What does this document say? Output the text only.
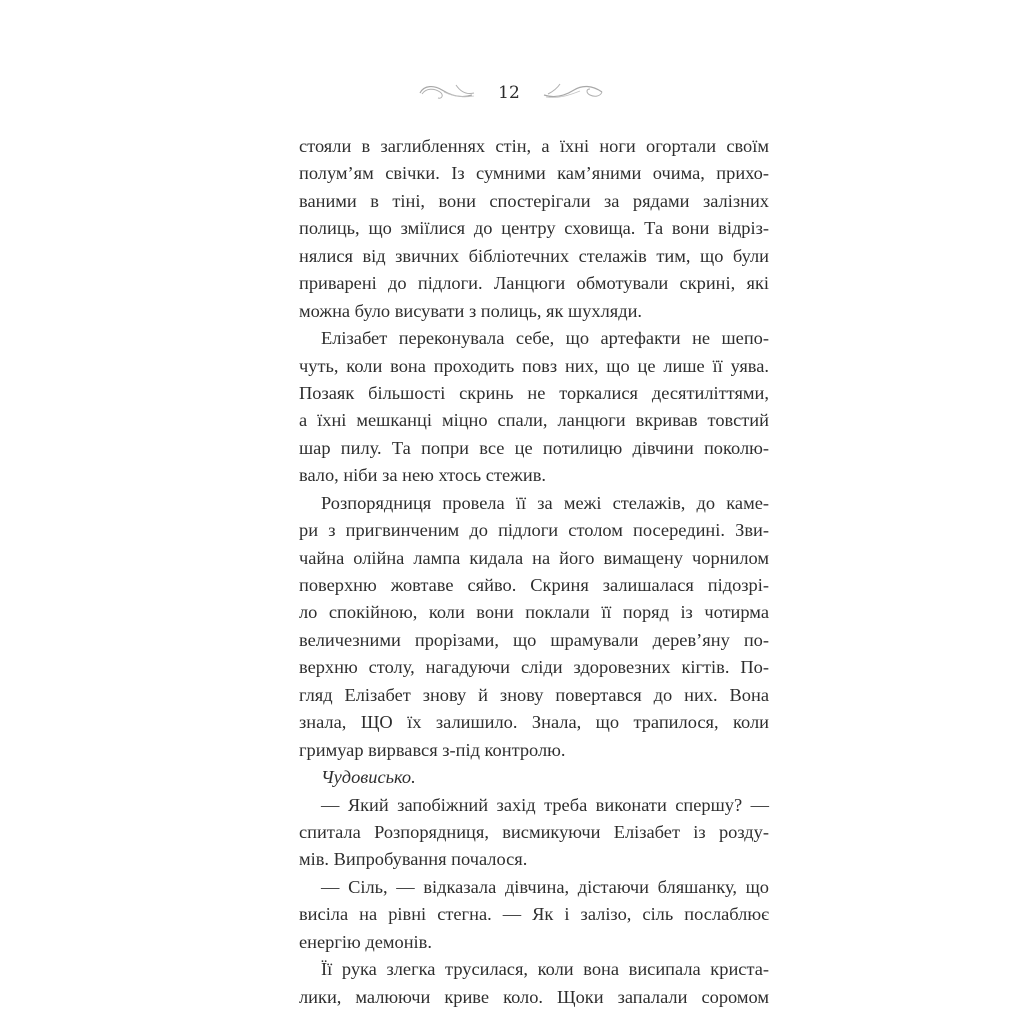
12
стояли в заглибленнях стін, а їхні ноги огортали своїм
полум’ям свічки. Із сумними кам’яними очима, прихо-
ваними в тіні, вони спостерігали за рядами залізних
полиць, що зміїлися до центру сховища. Та вони відріз-
нялися від звичних бібліотечних стелажів тим, що були
приварені до підлоги. Ланцюги обмотували скрині, які
можна було висувати з полиць, як шухляди.
Елізабет переконувала себе, що артефакти не шепо-
чуть, коли вона проходить повз них, що це лише її уява.
Позаяк більшості скринь не торкалися десятиліттями,
а їхні мешканці міцно спали, ланцюги вкривав товстий
шар пилу. Та попри все це потилицю дівчини поколю-
вало, ніби за нею хтось стежив.
Розпорядниця провела її за межі стелажів, до каме-
ри з пригвинченим до підлоги столом посередині. Зви-
чайна олійна лампа кидала на його вимащену чорнилом
поверхню жовтаве сяйво. Скриня залишалася підозрі-
ло спокійною, коли вони поклали її поряд із чотирма
величезними прорізами, що шрамували дерев’яну по-
верхню столу, нагадуючи сліди здоровезних кігтів. По-
гляд Елізабет знову й знову повертався до них. Вона
знала, ЩО їх залишило. Знала, що трапилося, коли
гримуар вирвався з-під контролю.
Чудовисько.
— Який запобіжний захід треба виконати спершу? —
спитала Розпорядниця, висмикуючи Елізабет із розду-
мів. Випробування почалося.
— Сіль, — відказала дівчина, дістаючи бляшанку, що
висіла на рівні стегна. — Як і залізо, сіль послаблює
енергію демонів.
Її рука злегка трусилася, коли вона висипала криста-
лики, малюючи криве коло. Щоки запалали соромом
